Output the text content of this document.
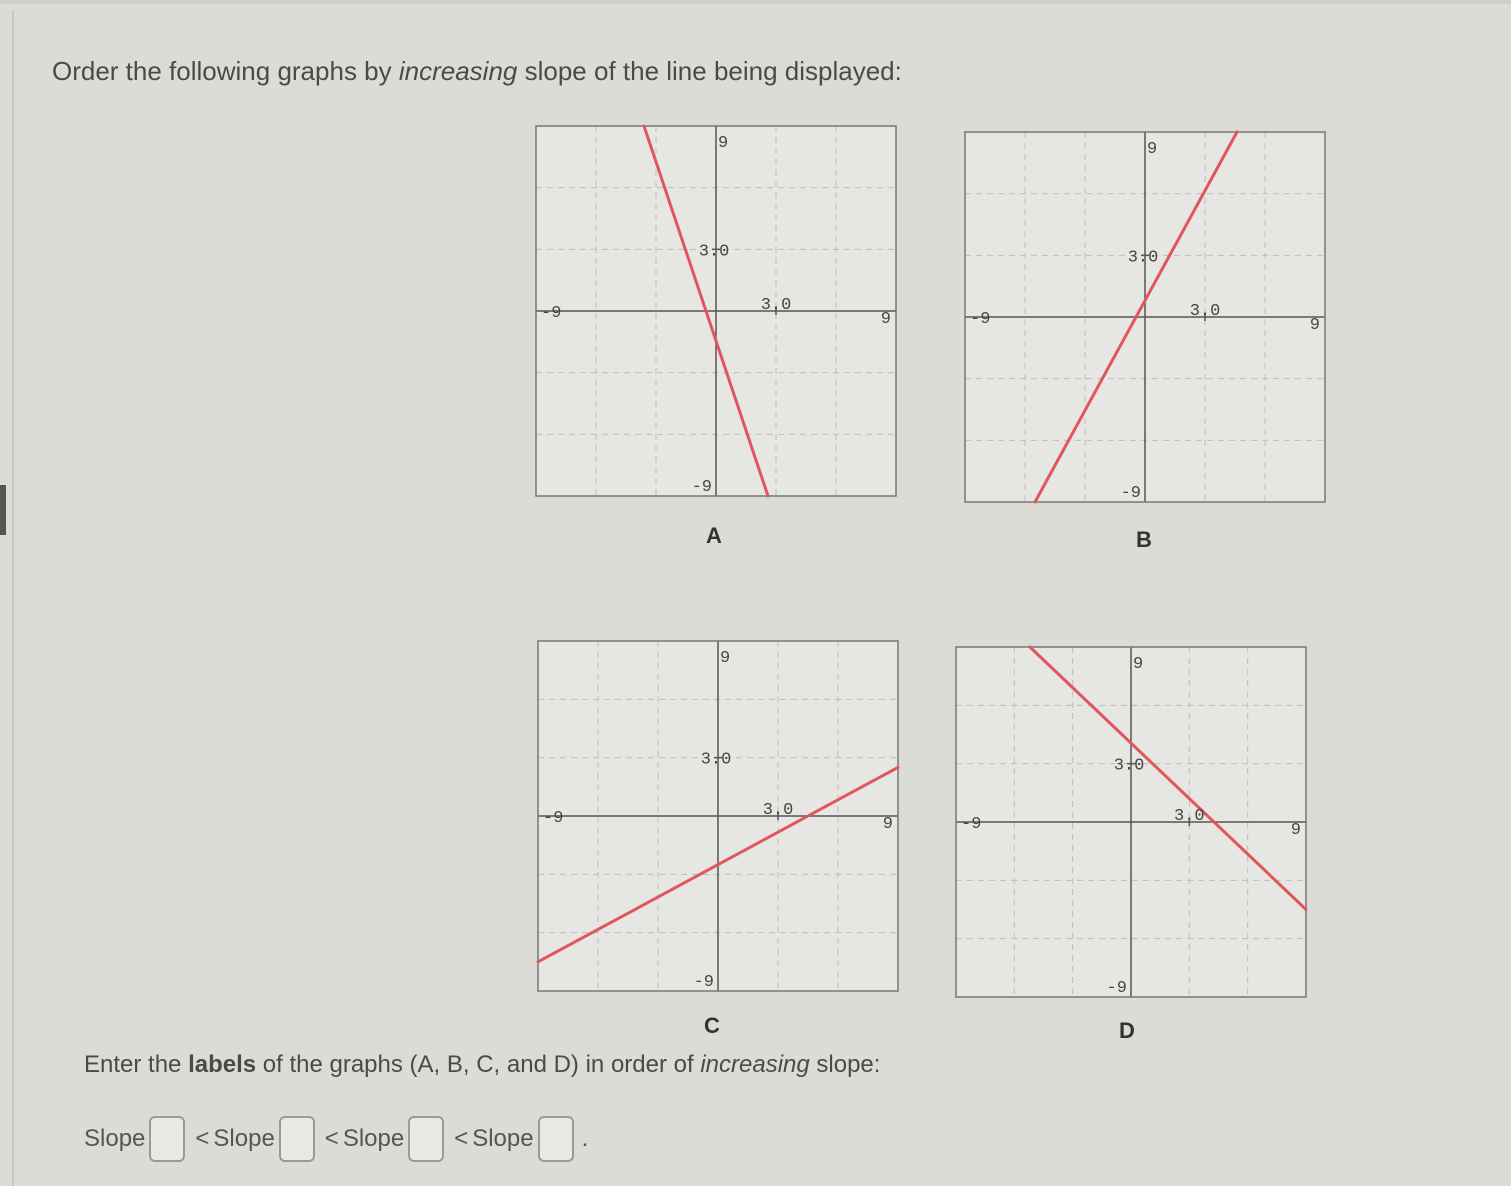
Order the following graphs by increasing slope of the line being displayed:
9
-9
-9	9
3.0
3.0
A
9
-9
-9	9
3.0
3.0
B
9
-9
-9	9
3.0
3.0
C
9
-9
-9	9
3.0
3.0
D
Enter the labels of the graphs (A, B, C, and D) in order of increasing slope:
Slope < Slope < Slope < Slope .
